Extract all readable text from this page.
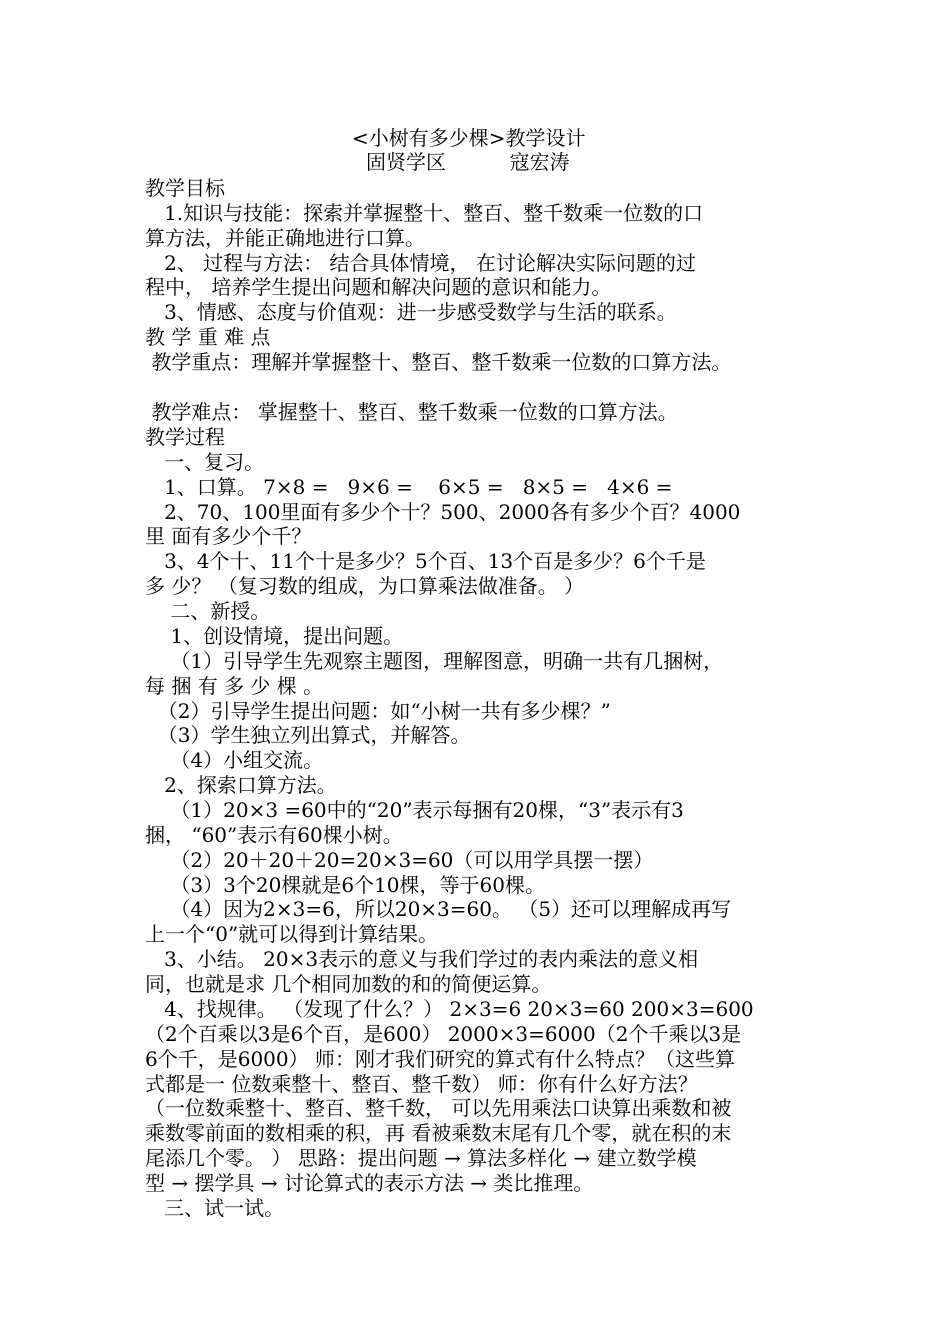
<小树有多少棵>教学设计
固贤学区          寇宏涛
教学目标
1.知识与技能：探索并掌握整十、整百、整千数乘一位数的口
算方法，并能正确地进行口算。
2、 过程与方法： 结合具体情境， 在讨论解决实际问题的过
程中， 培养学生提出问题和解决问题的意识和能力。
3、情感、态度与价值观：进一步感受数学与生活的联系。
教 学 重 难 点
教学重点：理解并掌握整十、整百、整千数乘一位数的口算方法。
教学难点： 掌握整十、整百、整千数乘一位数的口算方法。
教学过程
一、复习。
1、口算。 7×8 =   9×6 =    6×5 =   8×5 =   4×6 =
2、70、100里面有多少个十？500、2000各有多少个百？4000
里 面有多少个千？
3、4个十、11个十是多少？5个百、13个百是多少？6个千是
多 少？ （复习数的组成，为口算乘法做准备。 ）
二、新授。
1、创设情境，提出问题。
（1）引导学生先观察主题图，理解图意，明确一共有几捆树，
每 捆 有 多 少 棵 。
（2）引导学生提出问题：如“小树一共有多少棵？”
（3）学生独立列出算式，并解答。
（4）小组交流。
2、探索口算方法。
（1）20×3 =60中的“20”表示每捆有20棵，“3”表示有3
捆， “60”表示有60棵小树。
（2）20＋20＋20=20×3=60（可以用学具摆一摆）
（3）3个20棵就是6个10棵，等于60棵。
（4）因为2×3=6，所以20×3=60。 （5）还可以理解成再写
上一个“0”就可以得到计算结果。
3、小结。 20×3表示的意义与我们学过的表内乘法的意义相
同，也就是求 几个相同加数的和的简便运算。
4、找规律。 （发现了什么？） 2×3=6 20×3=60 200×3=600
（2个百乘以3是6个百，是600） 2000×3=6000（2个千乘以3是
6个千，是6000） 师：刚才我们研究的算式有什么特点？（这些算
式都是一 位数乘整十、整百、整千数） 师：你有什么好方法？
（一位数乘整十、整百、整千数， 可以先用乘法口诀算出乘数和被
乘数零前面的数相乘的积，再 看被乘数末尾有几个零，就在积的末
尾添几个零。 ） 思路：提出问题 → 算法多样化 → 建立数学模
型 → 摆学具 → 讨论算式的表示方法 → 类比推理。
三、试一试。
